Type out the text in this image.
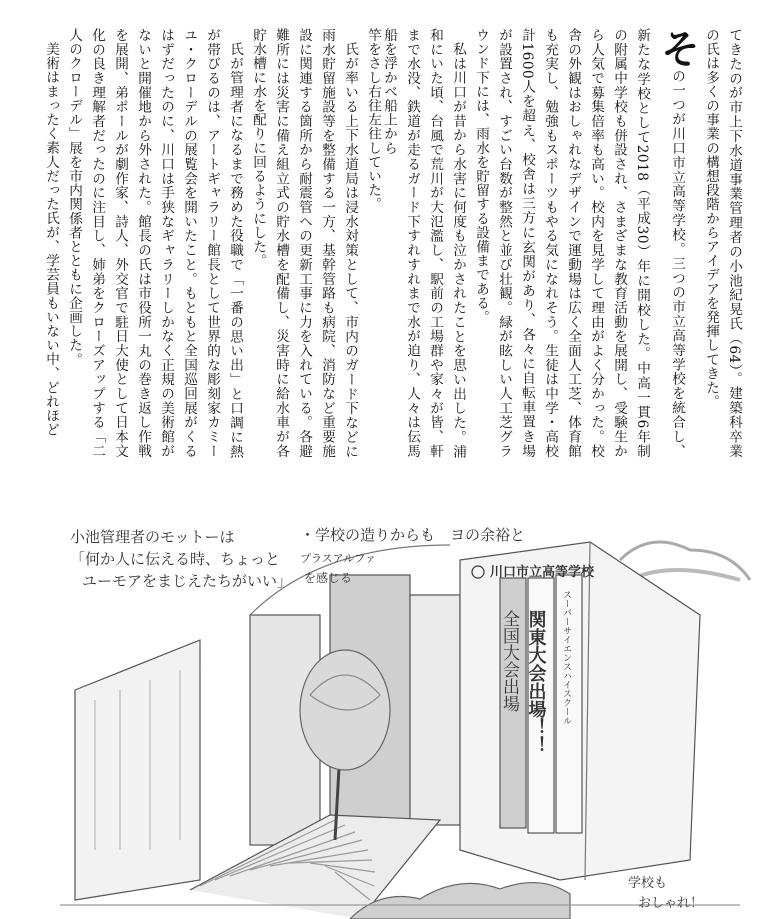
てきたのが市上下水道事業管理者の小池紀晃氏（64）。建築科卒業の氏は多くの事業の構想段階からアイデアを発揮してきた。

その一つが川口市立高等学校。三つの市立高等学校を統合し、新たな学校として2018（平成30）年に開校した。中高一貫6年制の附属中学校も併設され、さまざまな教育活動を展開し、受験生から人気で募集倍率も高い。校内を見学して理由がよく分かった。校舎の外観はおしゃれなデザインで運動場は広く全面人工芝、体育館も充実し、勉強もスポーツもやる気になれそう。生徒は中学・高校計1600人を超え、校舎は三方に玄関があり、各々に自転車置き場が設置され、すごい台数が整然と並び壮観。緑が眩しい人工芝グラウンド下には、雨水を貯留する設備まである。

私は川口が昔から水害に何度も泣かされたことを思い出した。浦和にいた頃、台風で荒川が大氾濫し、駅前の工場群や家々が皆、軒まで水没、鉄道が走るガード下すれすれまで水が迫り、人々は伝馬船を浮かべ船上から

竿をさし右往左往していた。

氏が率いる上下水道局は浸水対策として、市内のガード下などに雨水貯留施設等を整備する一方、基幹管路も病院、消防など重要施設に関連する箇所から耐震管への更新工事に力を入れている。各避難所には災害に備え組立式の貯水槽を配備し、災害時に給水車が各貯水槽に水を配りに回るようにした。

氏が管理者になるまで務めた役職で「一番の思い出」と口調に熱が帯びるのは、アートギャラリー館長として世界的な彫刻家カミーユ・クローデルの展覧会を開いたこと。もともと全国巡回展がくるはずだったのに、川口は手狭なギャラリーしかなく正規の美術館がないと開催地から外された。館長の氏は市役所一丸の巻き返し作戦を展開、弟ポールが劇作家、詩人、外交官で駐日大使として日本文化の良き理解者だったのに注目し、姉弟をクローズアップする「二人のクローデル」展を市内関係者とともに企画した。

美術はまったく素人だった氏が、学芸員もいない中、どれほど

小池管理者のモットーは
「何か人に伝える時、ちょっと
ユーモアをまじえたちがいい」
・学校の造りからも　ヨの余裕と
プラスアルファ
を感じる	川口市立高等学校
関東大会出場！！
全国大会出場	スーパーサイエンスハイスクール
学校も
おしゃれ！
